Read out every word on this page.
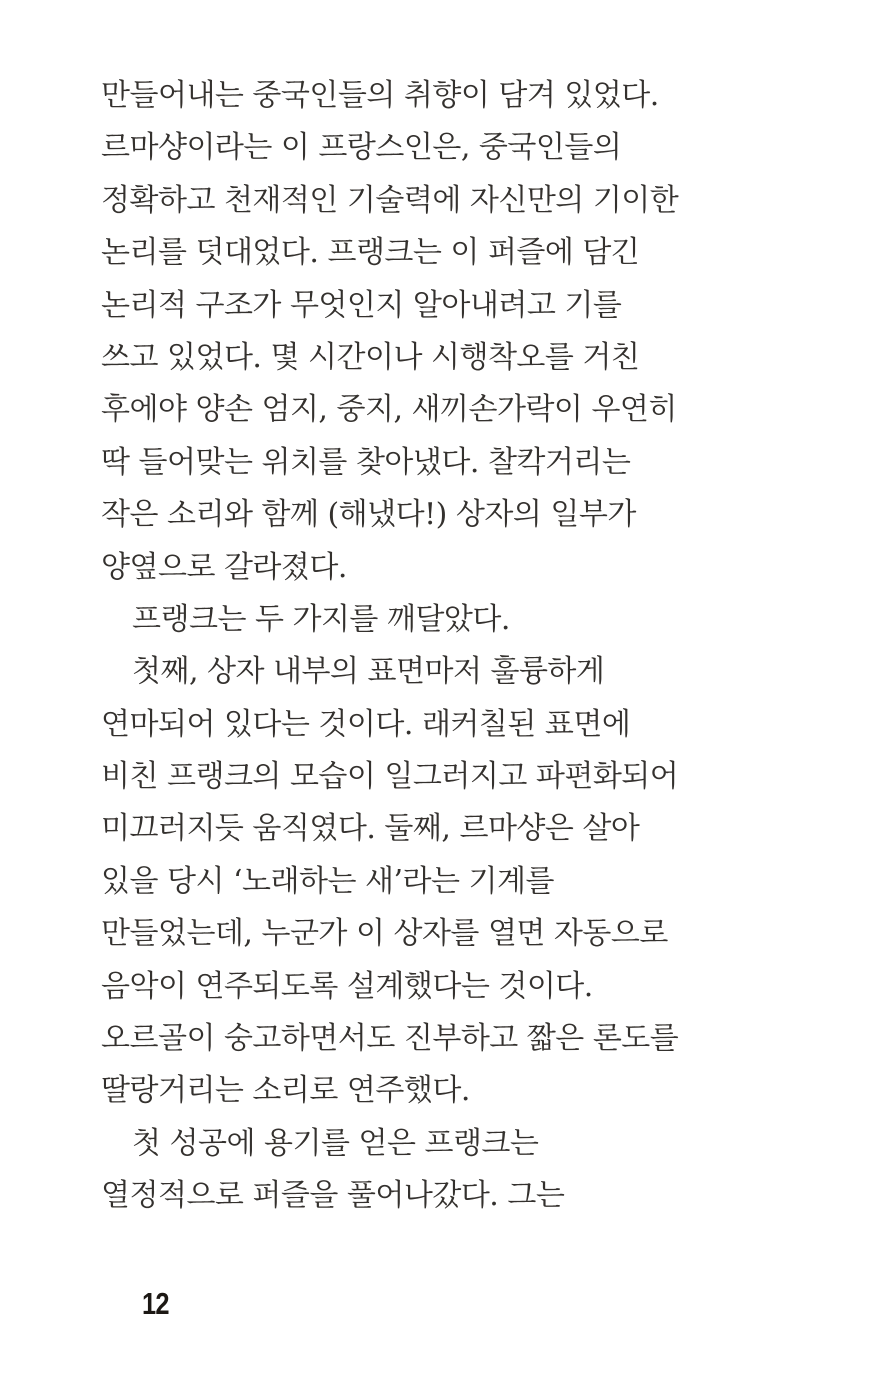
만들어내는 중국인들의 취향이 담겨 있었다.
르마샹이라는 이 프랑스인은, 중국인들의
정확하고 천재적인 기술력에 자신만의 기이한
논리를 덧대었다. 프랭크는 이 퍼즐에 담긴
논리적 구조가 무엇인지 알아내려고 기를
쓰고 있었다. 몇 시간이나 시행착오를 거친
후에야 양손 엄지, 중지, 새끼손가락이 우연히
딱 들어맞는 위치를 찾아냈다. 찰칵거리는
작은 소리와 함께 (해냈다!) 상자의 일부가
양옆으로 갈라졌다.
프랭크는 두 가지를 깨달았다.
첫째, 상자 내부의 표면마저 훌륭하게
연마되어 있다는 것이다. 래커칠된 표면에
비친 프랭크의 모습이 일그러지고 파편화되어
미끄러지듯 움직였다. 둘째, 르마샹은 살아
있을 당시 ‘노래하는 새’라는 기계를
만들었는데, 누군가 이 상자를 열면 자동으로
음악이 연주되도록 설계했다는 것이다.
오르골이 숭고하면서도 진부하고 짧은 론도를
딸랑거리는 소리로 연주했다.
첫 성공에 용기를 얻은 프랭크는
열정적으로 퍼즐을 풀어나갔다. 그는
12
